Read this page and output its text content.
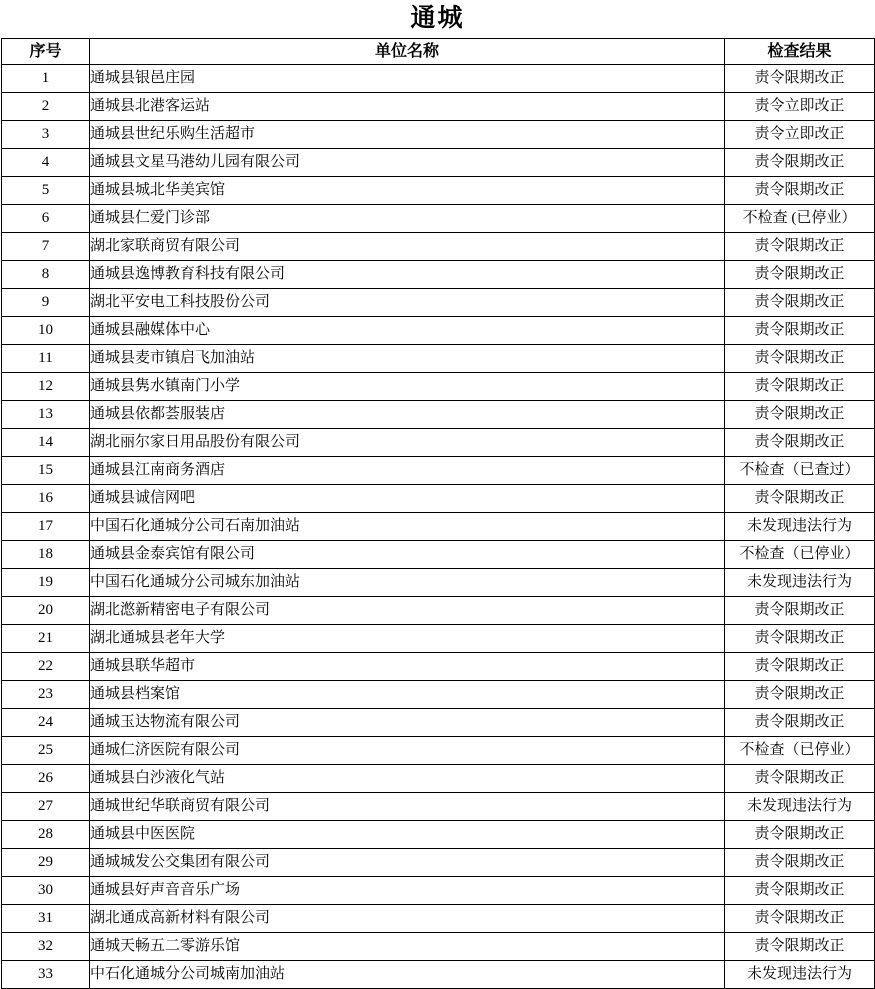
通城
序号	单位名称	检查结果
1	通城县银邑庄园	责令限期改正
2	通城县北港客运站	责令立即改正
3	通城县世纪乐购生活超市	责令立即改正
4	通城县文星马港幼儿园有限公司	责令限期改正
5	通城县城北华美宾馆	责令限期改正
6	通城县仁爱门诊部	不检查 (已停业）
7	湖北家联商贸有限公司	责令限期改正
8	通城县逸博教育科技有限公司	责令限期改正
9	湖北平安电工科技股份公司	责令限期改正
10	通城县融媒体中心	责令限期改正
11	通城县麦市镇启飞加油站	责令限期改正
12	通城县隽水镇南门小学	责令限期改正
13	通城县依都荟服装店	责令限期改正
14	湖北丽尔家日用品股份有限公司	责令限期改正
15	通城县江南商务酒店	不检查（已查过）
16	通城县诚信网吧	责令限期改正
17	中国石化通城分公司石南加油站	未发现违法行为
18	通城县金泰宾馆有限公司	不检查（已停业）
19	中国石化通城分公司城东加油站	未发现违法行为
20	湖北滺新精密电子有限公司	责令限期改正
21	湖北通城县老年大学	责令限期改正
22	通城县联华超市	责令限期改正
23	通城县档案馆	责令限期改正
24	通城玉达物流有限公司	责令限期改正
25	通城仁济医院有限公司	不检查（已停业）
26	通城县白沙液化气站	责令限期改正
27	通城世纪华联商贸有限公司	未发现违法行为
28	通城县中医医院	责令限期改正
29	通城城发公交集团有限公司	责令限期改正
30	通城县好声音音乐广场	责令限期改正
31	湖北通成高新材料有限公司	责令限期改正
32	通城天畅五二零游乐馆	责令限期改正
33	中石化通城分公司城南加油站	未发现违法行为
